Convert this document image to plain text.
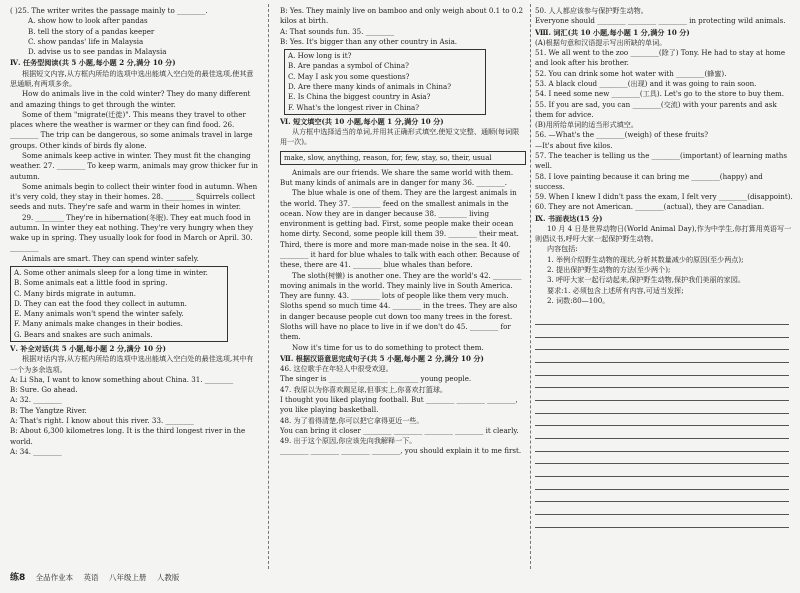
( )25. The writer writes the passage mainly to ________.

A. show how to look after pandas

B. tell the story of a pandas keeper

C. show pandas' life in Malaysia

D. advise us to see pandas in Malaysia

Ⅳ. 任务型阅读(共 5 小题,每小题 2 分,满分 10 分)

根据短文内容,从方框内所给的选项中选出能填入空白处的最佳选项,使其意思通顺,有两项多余。

How do animals live in the cold winter? They do many different and amazing things to get through the winter.

Some of them "migrate(迁徙)". This means they travel to other places where the weather is warmer or they can find food. 26. ________ The trip can be dangerous, so some animals travel in large groups. Other kinds of birds fly alone.

Some animals keep active in winter. They must fit the changing weather. 27. ________ To keep warm, animals may grow thicker fur in autumn.

Some animals begin to collect their winter food in autumn. When it's very cold, they stay in their homes. 28. ________ Squirrels collect seeds and nuts. They're safe and warm in their homes in winter.

29. ________ They're in hibernation(冬眠). They eat much food in autumn. In winter they eat nothing. They're very hungry when they wake up in spring. They usually look for food in March or April. 30. ________

Animals are smart. They can spend winter safely.

A. Some other animals sleep for a long time in winter.

B. Some animals eat a little food in spring.

C. Many birds migrate in autumn.

D. They can eat the food they collect in autumn.

E. Many animals won't spend the winter safely.

F. Many animals make changes in their bodies.

G. Bears and snakes are such animals.

Ⅴ. 补全对话(共 5 小题,每小题 2 分,满分 10 分)

根据对话内容,从方框内所给的选项中选出能填入空白处的最佳选项,其中有一个为多余选项。

A: Li Sha, I want to know something about China. 31. ________

B: Sure. Go ahead.

A: 32. ________

B: The Yangtze River.

A: That's right. I know about this river. 33. ________

B: About 6,300 kilometres long. It is the third longest river in the world.

A: 34. ________

B: Yes. They mainly live on bamboo and only weigh about 0.1 to 0.2 kilos at birth.

A: That sounds fun. 35. ________

B: Yes. It's bigger than any other country in Asia.

A. How long is it?

B. Are pandas a symbol of China?

C. May I ask you some questions?

D. Are there many kinds of animals in China?

E. Is China the biggest country in Asia?

F. What's the longest river in China?

Ⅵ. 短文填空(共 10 小题,每小题 1 分,满分 10 分)

从方框中选择适当的单词,并用其正确形式填空,使短文完整、通顺(每词限用一次)。

make, slow, anything, reason, for, few, stay, so, their, usual

Animals are our friends. We share the same world with them. But many kinds of animals are in danger for many 36. ________.

The blue whale is one of them. They are the largest animals in the world. They 37. ________ feed on the smallest animals in the ocean. Now they are in danger because 38. ________ living environment is getting bad. First, some people make their ocean home dirty. Second, some people kill them 39. ________ their meat. Third, there is more and more man-made noise in the sea. It 40. ________ it hard for blue whales to talk with each other. Because of these, there are 41. ________ blue whales than before.

The sloth(树懒) is another one. They are the world's 42. ________ moving animals in the world. They mainly live in South America. They are funny. 43. ________ lots of people like them very much. Sloths spend so much time 44. ________ in the trees. They are also in danger because people cut down too many trees in the forest. Sloths will have no place to live in if we don't do 45. ________ for them.

Now it's time for us to do something to protect them.

Ⅶ. 根据汉语意思完成句子(共 5 小题,每小题 2 分,满分 10 分)

46. 这位歌手在年轻人中很受欢迎。

The singer is ________ ________ ________ young people.

47. 我原以为你喜欢踢足球,但事实上,你喜欢打篮球。

I thought you liked playing football. But ________ ________ ________, you like playing basketball.

48. 为了看得清楚,你可以把它拿得更近一些。

You can bring it closer ________ ________ ________ ________ it clearly.

49. 出于这个原因,你应该先向我解释一下。

________ ________ ________ ________, you should explain it to me first.

50. 人人都应该参与保护野生动物。

Everyone should ________ ________ ________ in protecting wild animals.

Ⅷ. 词汇(共 10 小题,每小题 1 分,满分 10 分)

(A)根据句意和汉语提示写出所缺的单词。

51. We all went to the zoo ________(除了) Tony. He had to stay at home and look after his brother.

52. You can drink some hot water with ________(蜂蜜).

53. A black cloud ________(出现) and it was going to rain soon.

54. I need some new ________(工具). Let's go to the store to buy them.

55. If you are sad, you can ________(交流) with your parents and ask them for advice.

(B)用所给单词的适当形式填空。

56. —What's the ________(weigh) of these fruits?

—It's about five kilos.

57. The teacher is telling us the ________(important) of learning maths well.

58. I love painting because it can bring me ________(happy) and success.

59. When I knew I didn't pass the exam, I felt very ________(disappoint).

60. They are not American. ________(actual), they are Canadian.

Ⅸ. 书面表达(15 分)

10 月 4 日是世界动物日(World Animal Day),作为中学生,你打算用英语写一则倡议书,呼吁大家一起保护野生动物。

内容包括:

1. 举例介绍野生动物的现状,分析其数量减少的原因(至少两点);

2. 提出保护野生动物的方法(至少两个);

3. 呼吁大家一起行动起来,保护野生动物,保护我们美丽的家园。

要求:1. 必须包含上述所有内容,可适当发挥;

2. 词数:80—100。

练8 全品作业本 英语 八年级上册 人教版
